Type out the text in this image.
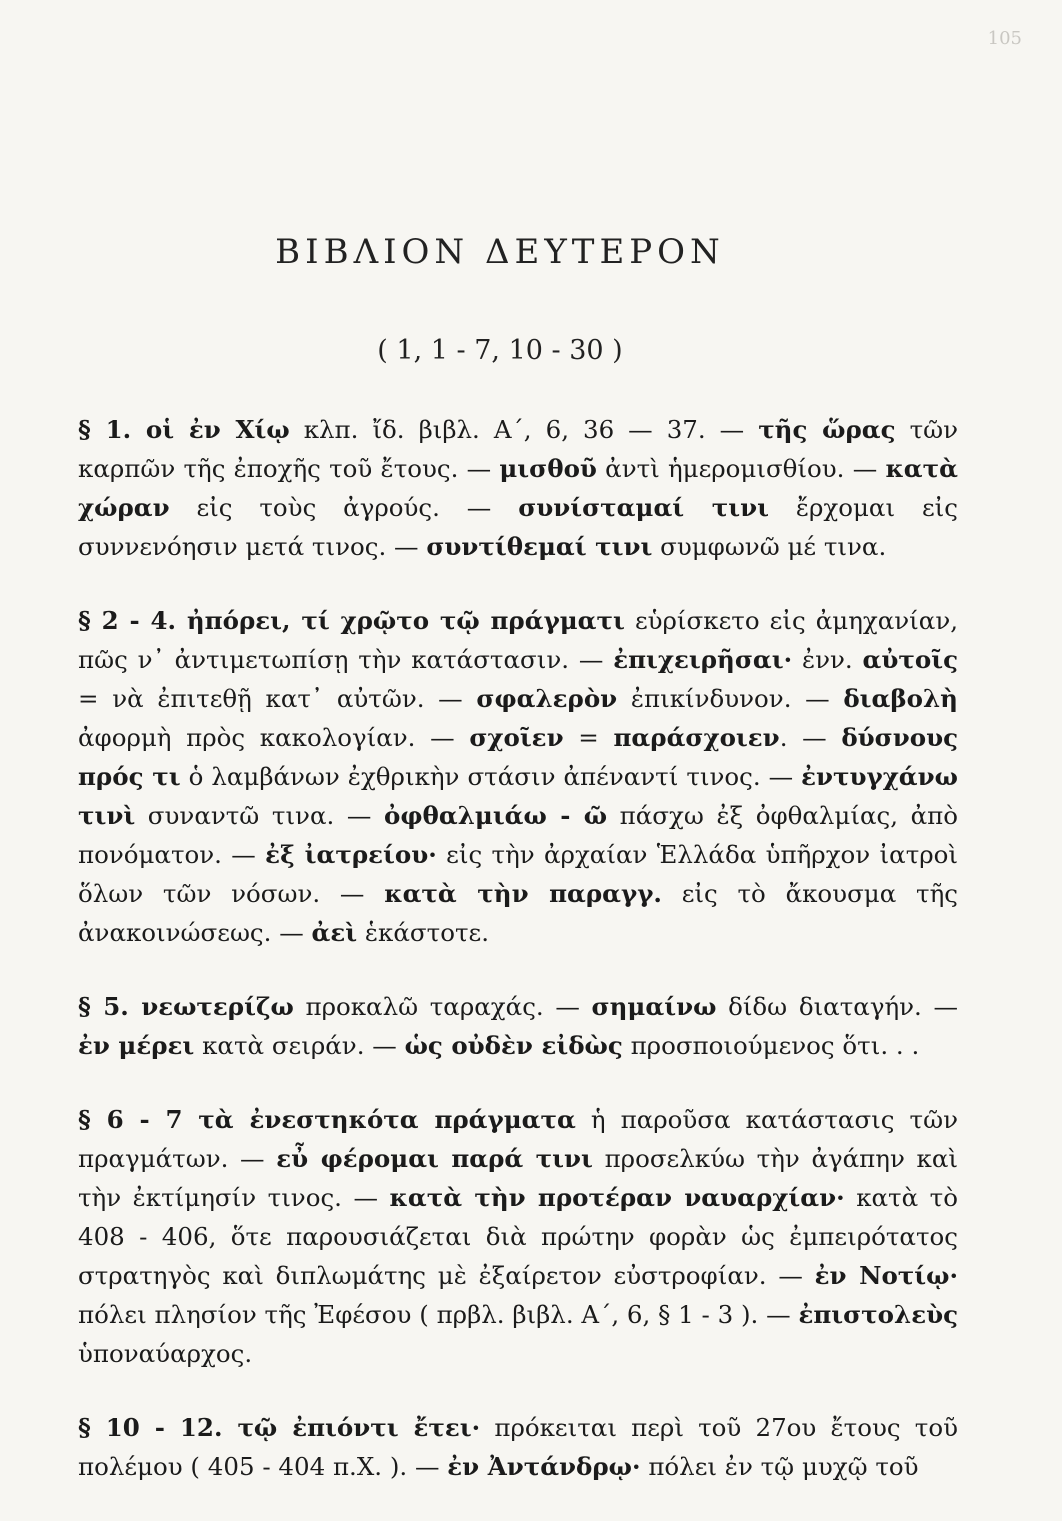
105
ΒΙΒΛΙΟΝ ΔΕΥΤΕΡΟΝ
( 1, 1 - 7, 10 - 30 )

§ 1. οἱ ἐν Χίῳ κλπ. ἴδ. βιβλ. Α΄, 6, 36 — 37. — τῆς ὥρας τῶν καρπῶν τῆς ἐποχῆς τοῦ ἔτους. — μισθοῦ ἀντὶ ἡμερομισθίου. — κατὰ χώραν εἰς τοὺς ἀγρούς. — συνίσταμαί τινι ἔρχομαι εἰς συννενόησιν μετά τινος. — συντίθεμαί τινι συμφωνῶ μέ τινα.

§ 2 - 4. ἠπόρει, τί χρῷτο τῷ πράγματι εὑρίσκετο εἰς ἀμηχανίαν, πῶς ν᾽ ἀντιμετωπίσῃ τὴν κατάστασιν. — ἐπιχειρῆσαι· ἐνν. αὐτοῖς = νὰ ἐπιτεθῇ κατ᾽ αὐτῶν. — σφαλερὸν ἐπικίνδυνον. — διαβολὴ ἀφορμὴ πρὸς κακολογίαν. — σχοῖεν = παράσχοιεν. — δύσνους πρός τι ὁ λαμβάνων ἐχθρικὴν στάσιν ἀπέναντί τινος. — ἐντυγχάνω τινὶ συναντῶ τινα. — ὀφθαλμιάω - ῶ πάσχω ἐξ ὀφθαλμίας, ἀπὸ πονόματον. — ἐξ ἰατρείου· εἰς τὴν ἀρχαίαν Ἑλλάδα ὑπῆρχον ἰατροὶ ὅλων τῶν νόσων. — κατὰ τὴν παραγγ. εἰς τὸ ἄκουσμα τῆς ἀνακοινώσεως. — ἀεὶ ἑκάστοτε.

§ 5. νεωτερίζω προκαλῶ ταραχάς. — σημαίνω δίδω διαταγήν. — ἐν μέρει κατὰ σειράν. — ὡς οὐδὲν εἰδὼς προσποιούμενος ὅτι. . .

§ 6 - 7 τὰ ἐνεστηκότα πράγματα ἡ παροῦσα κατάστασις τῶν πραγμάτων. — εὖ φέρομαι παρά τινι προσελκύω τὴν ἀγάπην καὶ τὴν ἐκτίμησίν τινος. — κατὰ τὴν προτέραν ναυαρχίαν· κατὰ τὸ 408 - 406, ὅτε παρουσιάζεται διὰ πρώτην φορὰν ὡς ἐμπειρότατος στρατηγὸς καὶ διπλωμάτης μὲ ἐξαίρετον εὐστροφίαν. — ἐν Νοτίῳ· πόλει πλησίον τῆς Ἐφέσου ( πρβλ. βιβλ. Α΄, 6, § 1 - 3 ). — ἐπιστολεὺς ὑποναύαρχος.

§ 10 - 12. τῷ ἐπιόντι ἔτει· πρόκειται περὶ τοῦ 27ου ἔτους τοῦ πολέμου ( 405 - 404 π.Χ. ). — ἐν Ἀντάνδρῳ· πόλει ἐν τῷ μυχῷ τοῦ
